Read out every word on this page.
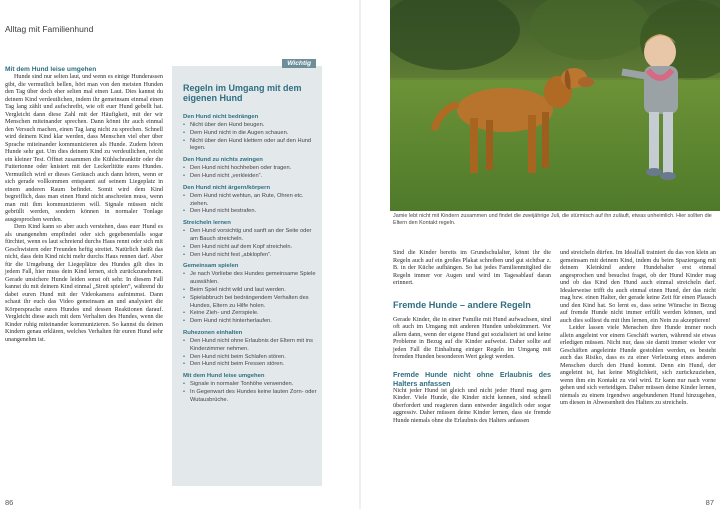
Alltag mit Familienhund

Mit dem Hund leise umgehen

Hunde sind nur selten laut, und wenn es einige Hunderassen gibt, die vermutlich bellen, hört man von den meisten Hunden den Tag über doch eher selten mal einen Laut. Dies kannst du deinem Kind verdeutlichen, indem ihr gemeinsam einmal einen Tag lang zählt und aufschreibt, wie oft euer Hund gebellt hat. Vergleicht dann diese Zahl mit der Häufigkeit, mit der wir Menschen miteinander sprechen. Dann könnt ihr auch einmal den Versuch machen, einen Tag lang nicht zu sprechen. Schnell wird deinem Kind klar werden, dass Menschen viel eher über Sprache miteinander kommunizieren als Hunde. Zudem hören Hunde sehr gut. Um dies deinem Kind zu verdeutlichen, reicht ein kleiner Test. Öffnet zusammen die Kühlschranktür oder die Futtertonne oder knistert mit der Leckerlitüte eures Hundes. Vermutlich wird er dieses Geräusch auch dann hören, wenn er sich gerade vollkommen entspannt auf seinem Liegeplatz in einem anderen Raum befindet. Somit wird dem Kind begreiflich, dass man einen Hund nicht anschreien muss, wenn man mit ihm kommunizieren will. Signale müssen nicht gebrüllt werden, sondern können in normaler Tonlage ausgesprochen werden.

Dem Kind kann so aber auch verstehen, dass euer Hund es als unangenehm empfindet oder sich gegebenenfalls sogar fürchtet, wenn es laut schreiend durchs Haus rennt oder sich mit Geschwistern oder Freunden heftig streitet. Natürlich heißt das nicht, dass dein Kind nicht mehr durchs Haus rennen darf. Aber für die Umgebung der Liegeplätze des Hundes gilt dies in jedem Fall, hier muss dein Kind lernen, sich zurückzunehmen. Gerade unsichere Hunde leiden sonst oft sehr. In diesem Fall kannst du mit deinem Kind einmal „Streit spielen“, während du dabei euren Hund mit der Videokamera aufnimmst. Dann schaut ihr euch das Video gemeinsam an und analysiert die Körpersprache eures Hundes und dessen Reaktionen darauf. Vergleicht diese auch mit dem Verhalten des Hundes, wenn die Kinder ruhig miteinander kommunizieren. So kannst du deinen Kindern genau erklären, welches Verhalten für euren Hund sehr unangenehm ist.

Wichtig
Regeln im Umgang mit dem eigenen Hund
Den Hund nicht bedrängen
• Nicht über den Hund beugen.
• Dem Hund nicht in die Augen schauen.
• Nicht über den Hund klettern oder auf den Hund legen.
Den Hund zu nichts zwingen
• Den Hund nicht hochheben oder tragen.
• Den Hund nicht „verkleiden“.
Den Hund nicht ärgern/körpern
• Dem Hund nicht wehtun, an Rute, Ohren etc. ziehen.
• Den Hund nicht bestrafen.
Streicheln lernen
• Den Hund vorsichtig und sanft an der Seite oder am Bauch streicheln.
• Den Hund nicht auf dem Kopf streicheln.
• Den Hund nicht fest „abklopfen“.
Gemeinsam spielen
• Je nach Vorliebe des Hundes gemeinsame Spiele auswählen.
• Beim Spiel nicht wild und laut werden.
• Spielabbruch bei bedrängendem Verhalten des Hundes, Eltern zu Hilfe holen.
• Keine Zieh- und Zerrspiele.
• Dem Hund nicht hinterherlaufen.
Ruhezonen einhalten
• Den Hund nicht ohne Erlaubnis der Eltern mit ins Kinderzimmer nehmen.
• Den Hund nicht beim Schlafen stören.
• Den Hund nicht beim Fressen stören.
Mit dem Hund leise umgehen
• Signale in normaler Tonhöhe verwenden.
• In Gegenwart des Hundes keine lauten Zorn- oder Wutausbrüche.
86
Jamie lebt nicht mit Kindern zusammen und findet die zweijährige Juli, die stürmisch auf ihn zuläuft, etwas unheimlich. Hier sollten die Eltern den Kontakt regeln.

Sind die Kinder bereits im Grundschulalter, könnt ihr die Regeln auch auf ein großes Plakat schreiben und gut sichtbar z. B. in der Küche aufhängen. So hat jedes Familienmitglied die Regeln immer vor Augen und wird im Tagesablauf daran erinnert.

Fremde Hunde – andere Regeln

Gerade Kinder, die in einer Familie mit Hund aufwachsen, sind oft auch im Umgang mit anderen Hunden unbekümmert. Vor allem dann, wenn der eigene Hund gut sozialisiert ist und keine Probleme in Bezug auf die Kinder aufweist. Daher sollte auf jeden Fall die Einhaltung einiger Regeln im Umgang mit fremden Hunden besonderen Wert gelegt werden.

Fremde Hunde nicht ohne Erlaubnis des Halters anfassen

Nicht jeder Hund ist gleich und nicht jeder Hund mag gern Kinder. Viele Hunde, die Kinder nicht kennen, sind schnell überfordert und reagieren dann entweder ängstlich oder sogar aggressiv. Daher müssen deine Kinder lernen, dass sie fremde Hunde niemals ohne die Erlaubnis des Halters anfassen

und streicheln dürfen. Im Idealfall trainiert du das von klein an gemeinsam mit deinem Kind, indem du beim Spaziergang mit deinem Kleinkind andere Hundehalter erst einmal angesprochen und besuchst fragst, ob der Hund Kinder mag und ob das Kind den Hund auch einmal streicheln darf. Idealerweise trifft du auch einmal einen Hund, der das nicht mag bzw. einen Halter, der gerade keine Zeit für einen Plausch und den Kind hat. So lernt es, dass seine Wünsche in Bezug auf fremde Hunde nicht immer erfüllt werden können, und auch dies solltest du mit ihm lernen, ein Nein zu akzeptieren!

Leider lassen viele Menschen ihre Hunde immer noch allein angeleint vor einem Geschäft warten, während sie etwas erledigen müssen. Nicht nur, dass sie damit immer wieder vor Geschäften angeleinte Hunde gestohlen werden, es besteht auch das Risiko, dass es zu einer Verletzung eines anderen Menschen durch den Hund kommt. Denn ein Hund, der angeleint ist, hat keine Möglichkeit, sich zurückzuziehen, wenn ihm ein Kontakt zu viel wird. Er kann nur nach vorne gehen und sich verteidigen. Daher müssen deine Kinder lernen, niemals zu einem irgendwo angebundenen Hund hinzugehen, um diesen in Abwesenheit des Halters zu streicheln.

87
